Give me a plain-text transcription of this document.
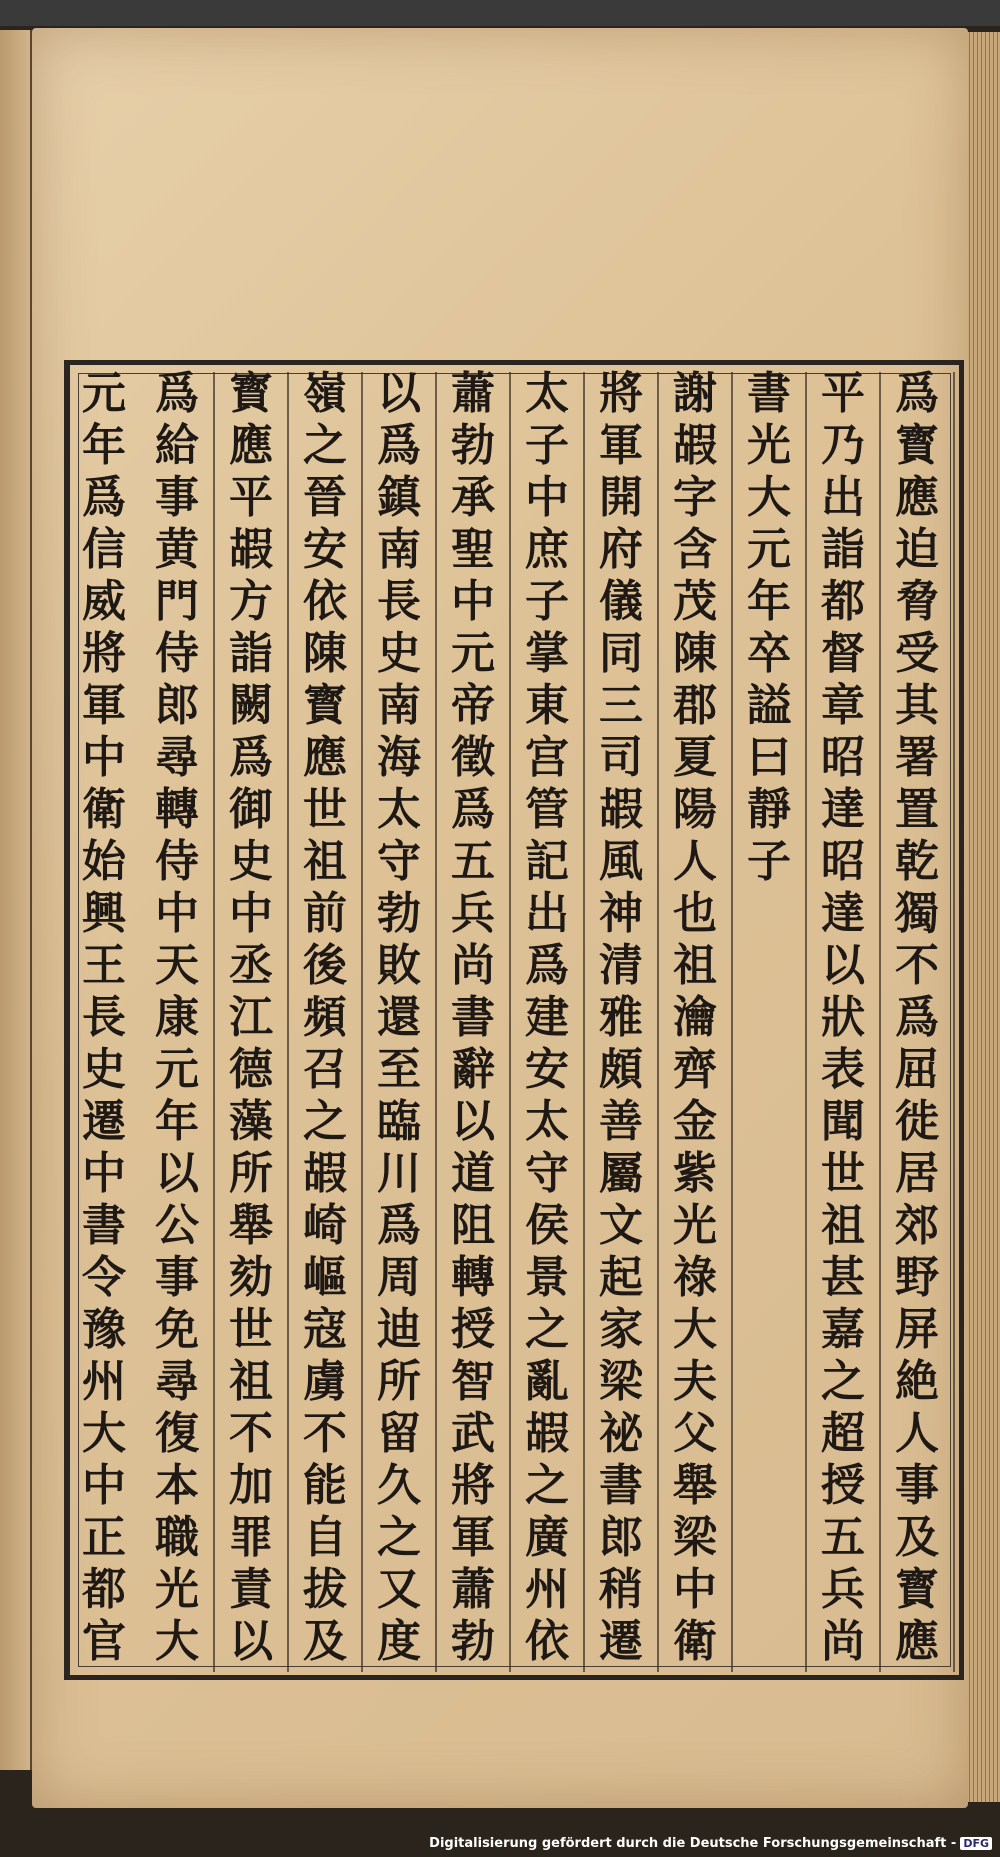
爲
寳
應
迫
脅
受
其
署
置
乾
獨
不
爲
屈
徙
居
郊
野
屏
絶
人
事
及
寳
應
平
乃
出
詣
都
督
章
昭
達
昭
達
以
狀
表
聞
世
祖
甚
嘉
之
超
授
五
兵
尚
書
光
大
元
年
卒
謚
曰
靜
子
謝
嘏
字
含
茂
陳
郡
夏
陽
人
也
祖
瀹
齊
金
紫
光
祿
大
夫
父
舉
梁
中
衛
將
軍
開
府
儀
同
三
司
嘏
風
神
清
雅
頗
善
屬
文
起
家
梁
祕
書
郎
稍
遷
太
子
中
庶
子
掌
東
宫
管
記
出
爲
建
安
太
守
侯
景
之
亂
嘏
之
廣
州
依
蕭
勃
承
聖
中
元
帝
徵
爲
五
兵
尚
書
辭
以
道
阻
轉
授
智
武
將
軍
蕭
勃
以
爲
鎮
南
長
史
南
海
太
守
勃
敗
還
至
臨
川
爲
周
迪
所
留
久
之
又
度
嶺
之
晉
安
依
陳
寳
應
世
祖
前
後
頻
召
之
嘏
崎
嶇
寇
虜
不
能
自
拔
及
寳
應
平
嘏
方
詣
闕
爲
御
史
中
丞
江
德
藻
所
舉
劾
世
祖
不
加
罪
責
以
爲
給
事
黄
門
侍
郎
尋
轉
侍
中
天
康
元
年
以
公
事
免
尋
復
本
職
光
大
元
年
爲
信
威
將
軍
中
衛
始
興
王
長
史
遷
中
書
令
豫
州
大
中
正
都
官
Digitalisierung gefördert durch die Deutsche Forschungsgemeinschaft - DFG
